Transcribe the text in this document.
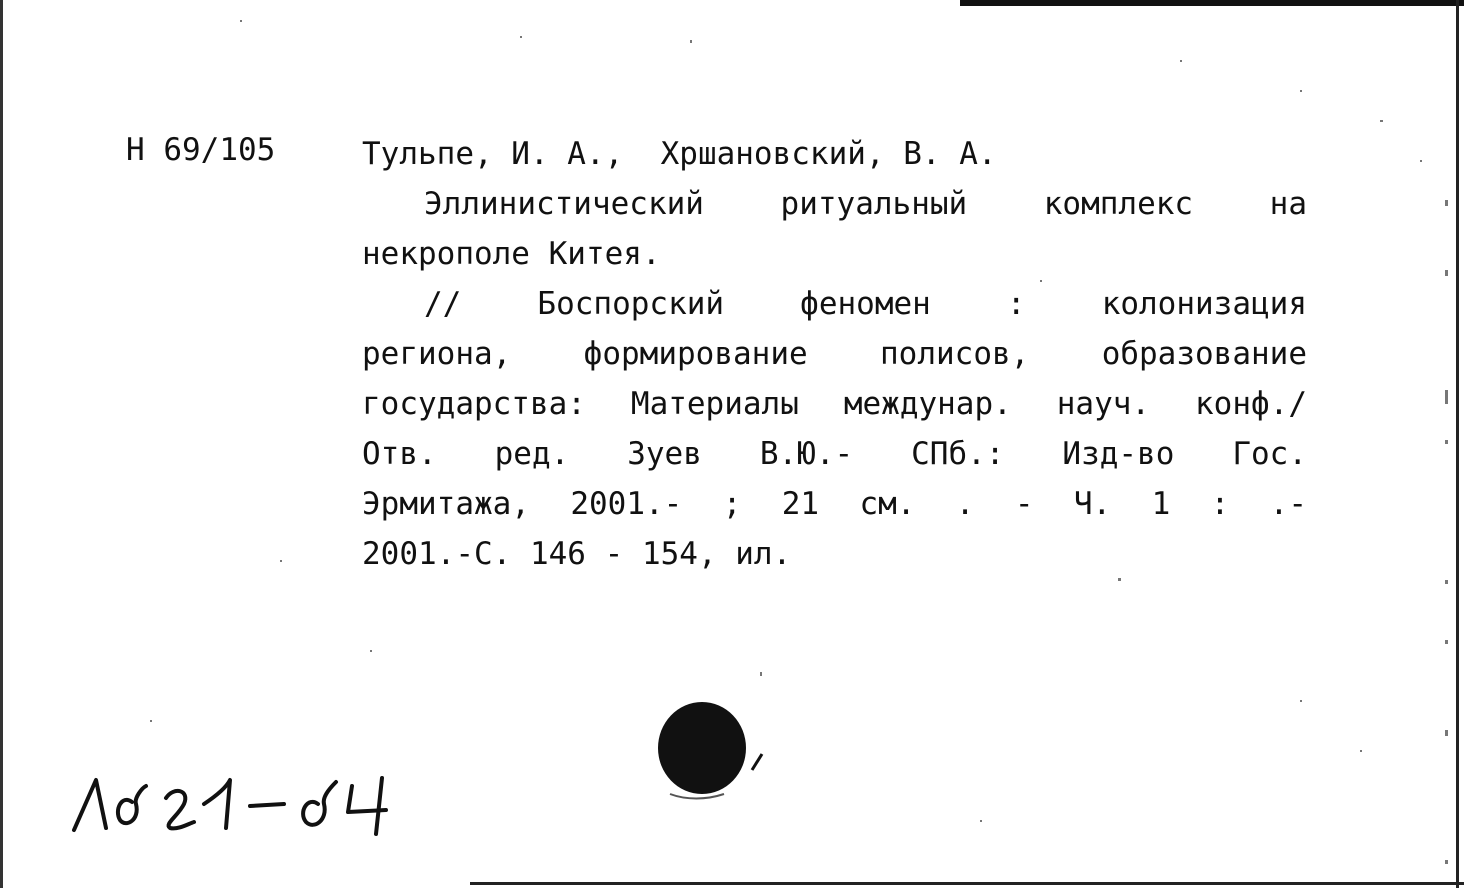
Н 69/105	Тульпе, И. А.,  Хршановский, В. А.
Эллинистический ритуальный комплекс на
некрополе Китея.
// Боспорский феномен : колонизация
региона, формирование полисов, образование
государства: Материалы междунар. науч. конф./
Отв. ред. Зуев В.Ю.- СПб.: Изд-во Гос.
Эрмитажа, 2001.- ; 21 см. . - Ч. 1 : .-
2001.-С. 146 - 154, ил.
